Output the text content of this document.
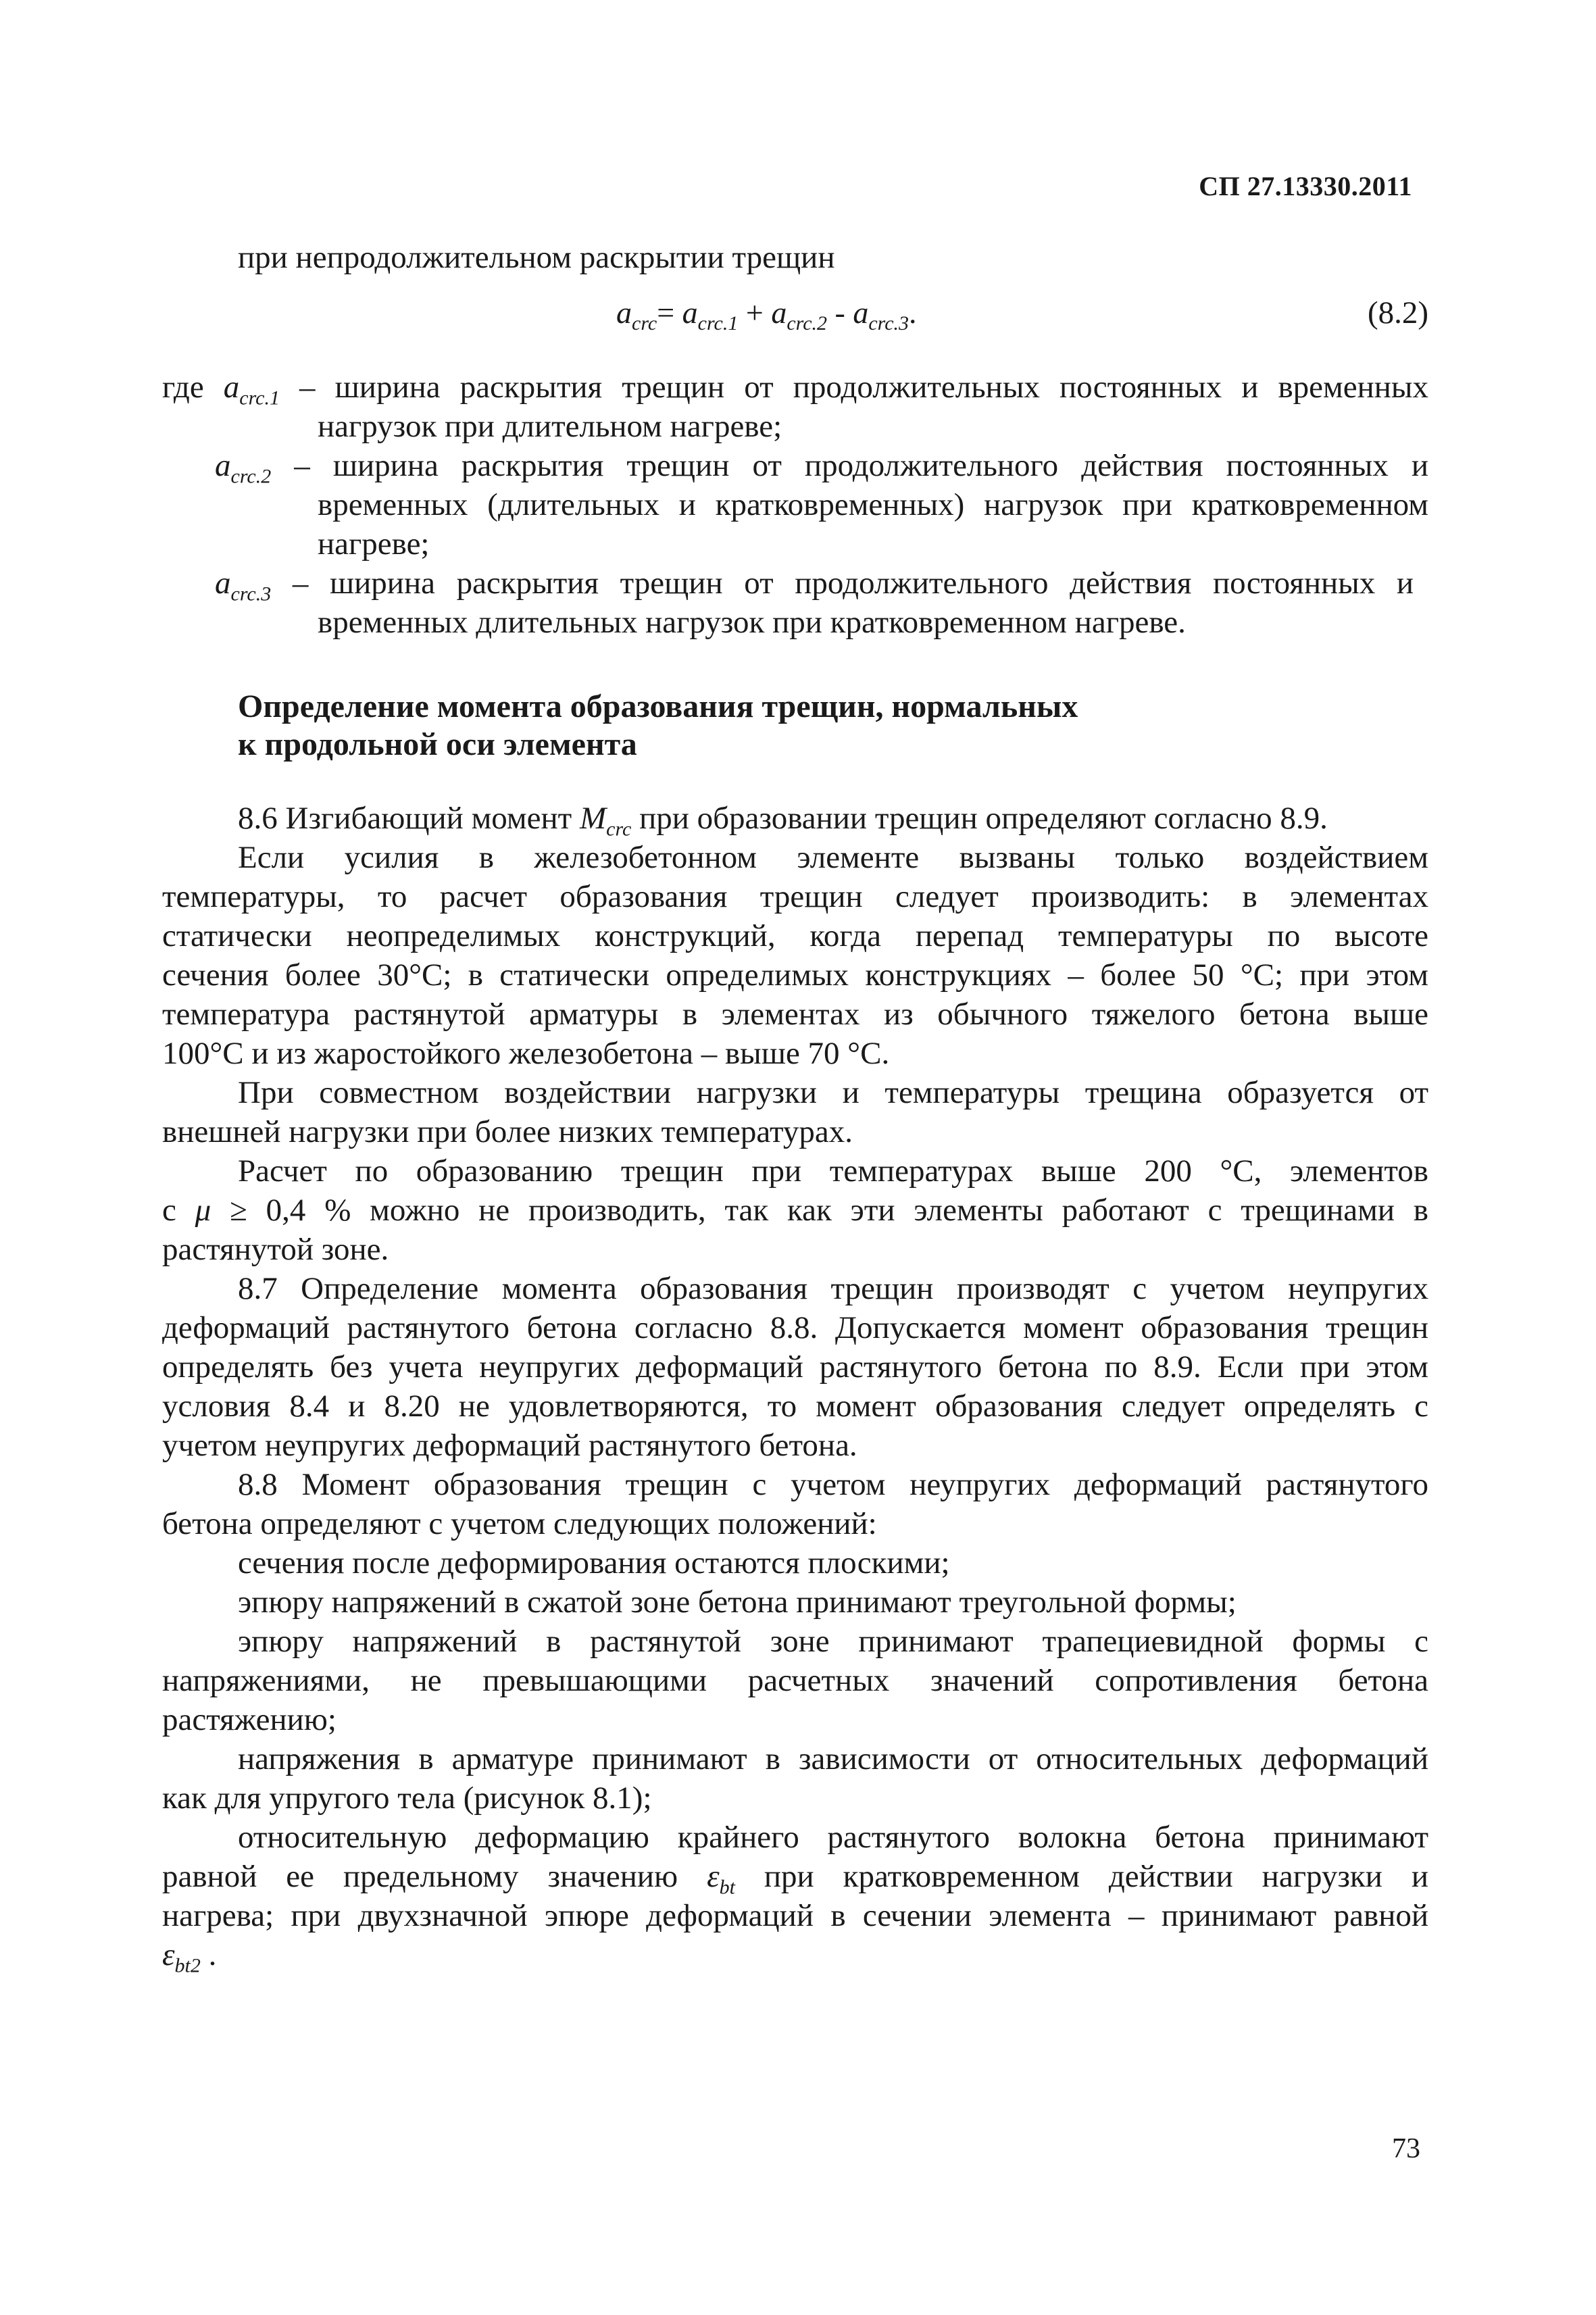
СП 27.13330.2011
при непродолжительном раскрытии трещин
$a_{crc}= a_{crc.1} + a_{crc.2} - a_{crc.3}$.	(8.2)
где $a_{crc.1}$ – ширина раскрытия трещин от продолжительных постоянных и временных
нагрузок при длительном нагреве;
$a_{crc.2}$ – ширина раскрытия трещин от продолжительного действия постоянных и
временных (длительных и кратковременных) нагрузок при кратковременном
нагреве;
$a_{crc.3}$ – ширина раскрытия трещин от продолжительного действия постоянных и
временных длительных нагрузок при кратковременном нагреве.
Определение момента образования трещин, нормальных
к продольной оси элемента
8.6 Изгибающий момент $M_{crc}$ при образовании трещин определяют согласно 8.9.
Если усилия в железобетонном элементе вызваны только воздействием
температуры, то расчет образования трещин следует производить: в элементах
статически неопределимых конструкций, когда перепад температуры по высоте
сечения более 30°С; в статически определимых конструкциях – более 50 °С; при этом
температура растянутой арматуры в элементах из обычного тяжелого бетона выше
100°С и из жаростойкого железобетона – выше 70 °С.
При совместном воздействии нагрузки и температуры трещина образуется от
внешней нагрузки при более низких температурах.
Расчет по образованию трещин при температурах выше 200 °С, элементов
с μ ≥ 0,4 % можно не производить, так как эти элементы работают с трещинами в
растянутой зоне.
8.7 Определение момента образования трещин производят с учетом неупругих
деформаций растянутого бетона согласно 8.8. Допускается момент образования трещин
определять без учета неупругих деформаций растянутого бетона по 8.9. Если при этом
условия 8.4 и 8.20 не удовлетворяются, то момент образования следует определять с
учетом неупругих деформаций растянутого бетона.
8.8 Момент образования трещин с учетом неупругих деформаций растянутого
бетона определяют с учетом следующих положений:
сечения после деформирования остаются плоскими;
эпюру напряжений в сжатой зоне бетона принимают треугольной формы;
эпюру напряжений в растянутой зоне принимают трапециевидной формы с
напряжениями, не превышающими расчетных значений сопротивления бетона
растяжению;
напряжения в арматуре принимают в зависимости от относительных деформаций
как для упругого тела (рисунок 8.1);
относительную деформацию крайнего растянутого волокна бетона принимают
равной ее предельному значению $\varepsilon_{bt}$ при кратковременном действии нагрузки и
нагрева; при двухзначной эпюре деформаций в сечении элемента – принимают равной
$\varepsilon_{bt2}$ .
73
